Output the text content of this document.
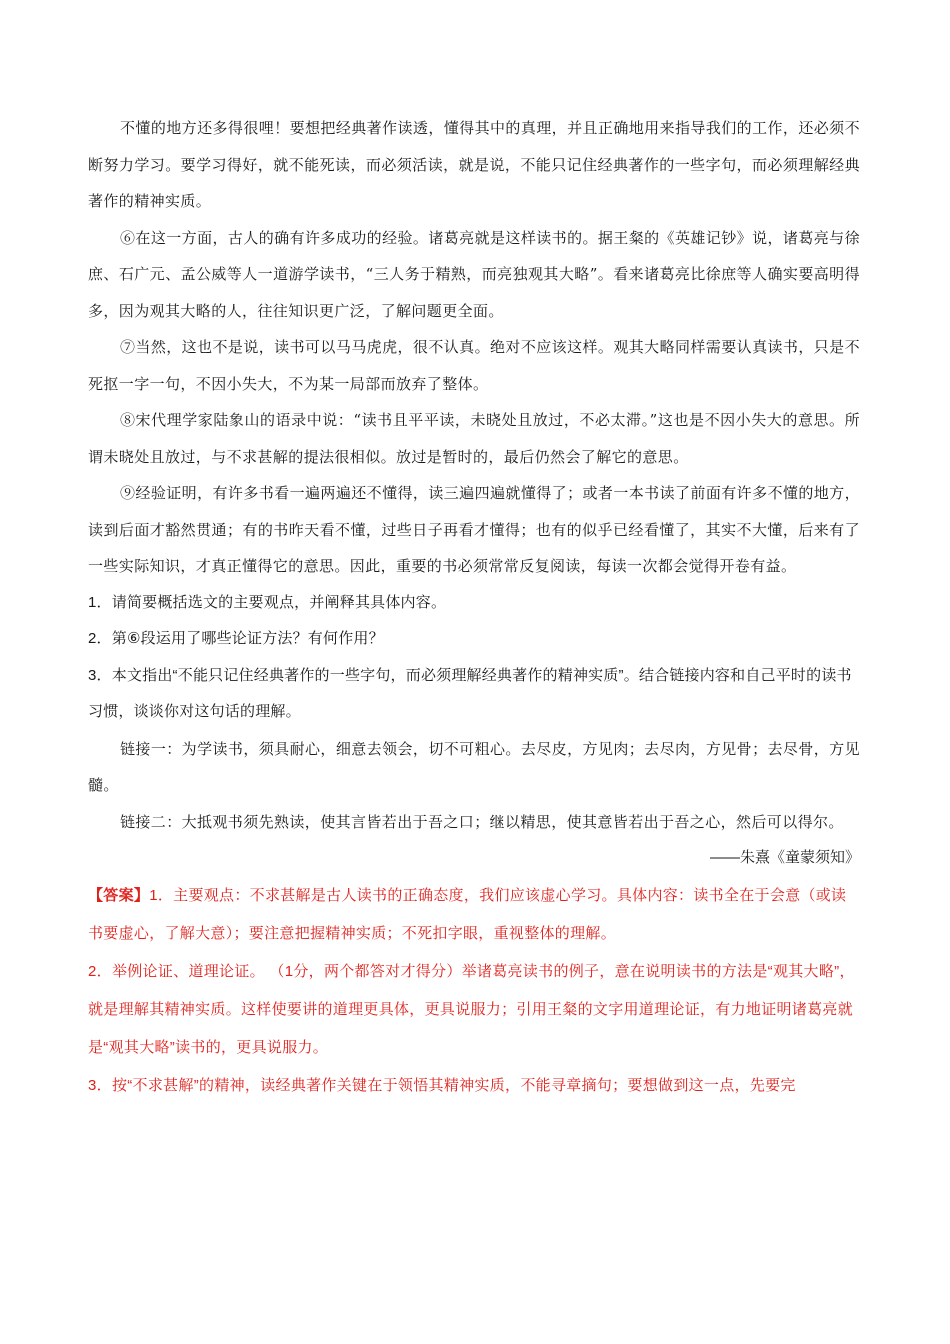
不懂的地方还多得很哩！要想把经典著作读透，懂得其中的真理，并且正确地用来指导我们的工作，还必须不断努力学习。要学习得好，就不能死读，而必须活读，就是说，不能只记住经典著作的一些字句，而必须理解经典著作的精神实质。

⑥在这一方面，古人的确有许多成功的经验。诸葛亮就是这样读书的。据王粲的《英雄记钞》说，诸葛亮与徐庶、石广元、孟公威等人一道游学读书，“三人务于精熟，而亮独观其大略”。看来诸葛亮比徐庶等人确实要高明得多，因为观其大略的人，往往知识更广泛，了解问题更全面。

⑦当然，这也不是说，读书可以马马虎虎，很不认真。绝对不应该这样。观其大略同样需要认真读书，只是不死抠一字一句，不因小失大，不为某一局部而放弃了整体。

⑧宋代理学家陆象山的语录中说：“读书且平平读，未晓处且放过，不必太滞。”这也是不因小失大的意思。所谓未晓处且放过，与不求甚解的提法很相似。放过是暂时的，最后仍然会了解它的意思。

⑨经验证明，有许多书看一遍两遍还不懂得，读三遍四遍就懂得了；或者一本书读了前面有许多不懂的地方，读到后面才豁然贯通；有的书昨天看不懂，过些日子再看才懂得；也有的似乎已经看懂了，其实不大懂，后来有了一些实际知识，才真正懂得它的意思。因此，重要的书必须常常反复阅读，每读一次都会觉得开卷有益。

1．请简要概括选文的主要观点，并阐释其具体内容。

2．第⑥段运用了哪些论证方法？有何作用？

3．本文指出“不能只记住经典著作的一些字句，而必须理解经典著作的精神实质”。结合链接内容和自己平时的读书习惯，谈谈你对这句话的理解。

链接一：为学读书，须具耐心，细意去领会，切不可粗心。去尽皮，方见肉；去尽肉，方见骨；去尽骨，方见髓。

链接二：大抵观书须先熟读，使其言皆若出于吾之口；继以精思，使其意皆若出于吾之心，然后可以得尔。

——朱熹《童蒙须知》

【答案】1．主要观点：不求甚解是古人读书的正确态度，我们应该虚心学习。具体内容：读书全在于会意（或读书要虚心，了解大意）；要注意把握精神实质；不死扣字眼，重视整体的理解。

2．举例论证、道理论证。 （1分，两个都答对才得分）举诸葛亮读书的例子，意在说明读书的方法是“观其大略”，就是理解其精神实质。这样使要讲的道理更具体，更具说服力；引用王粲的文字用道理论证，有力地证明诸葛亮就是“观其大略”读书的，更具说服力。

3．按“不求甚解”的精神，读经典著作关键在于领悟其精神实质，不能寻章摘句；要想做到这一点，先要完
